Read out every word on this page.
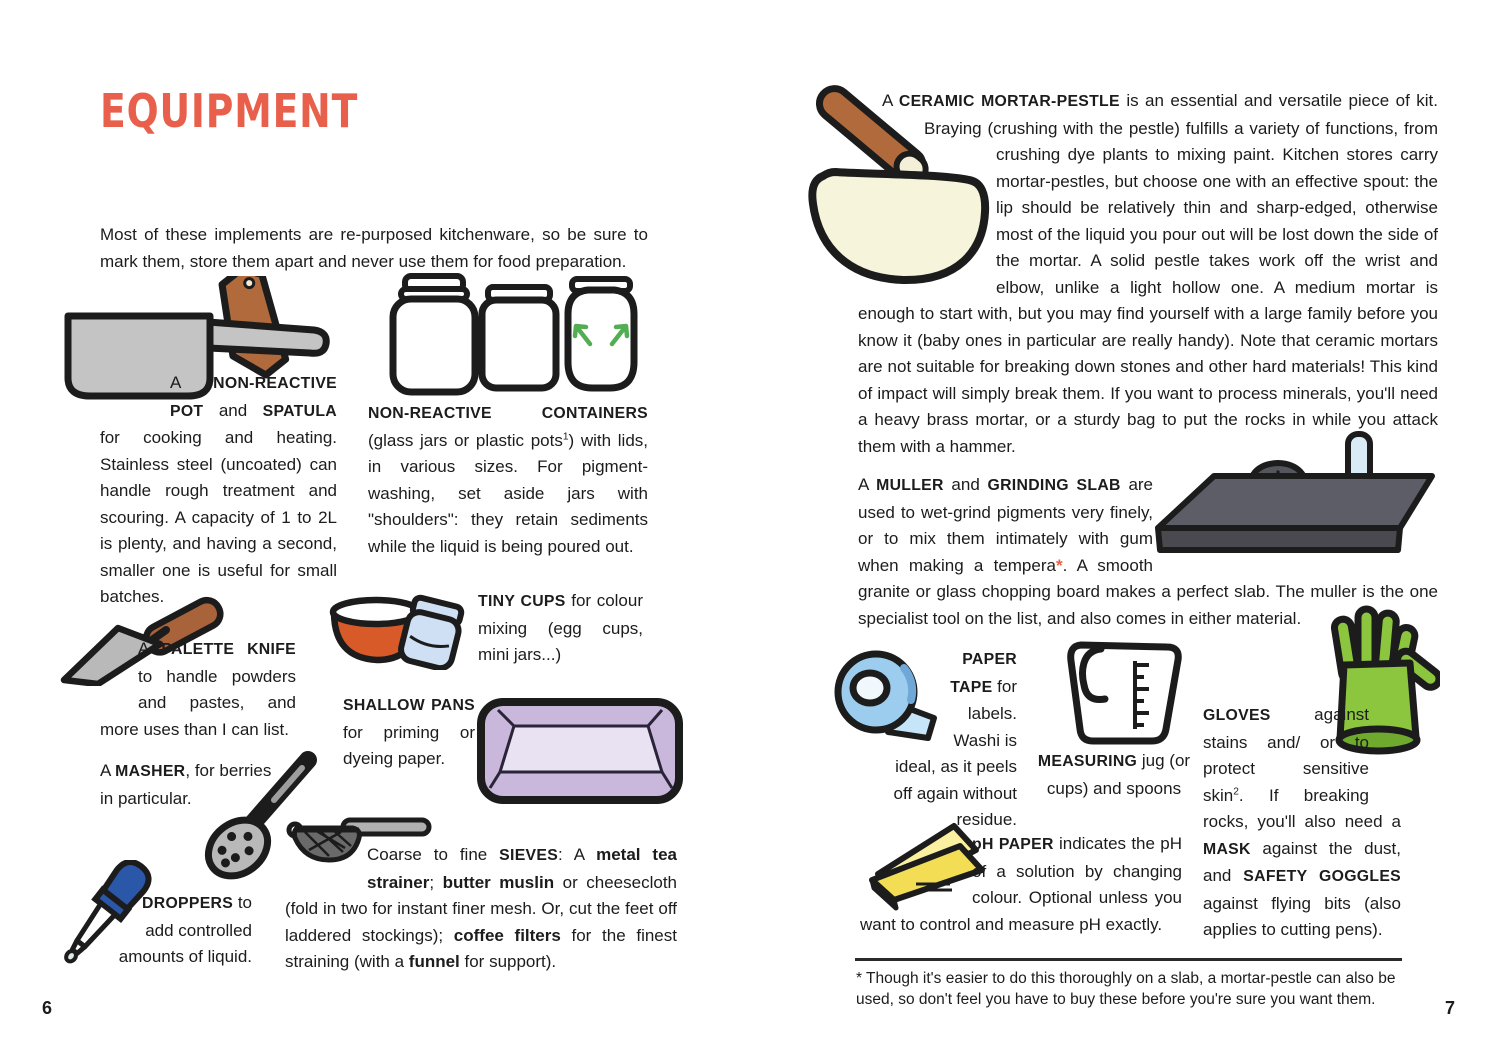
EQUIPMENT
Most of these implements are re-purposed kitchenware, so be sure to mark them, store them apart and never use them for food preparation.
A NON-REACTIVE POT and SPATULA for cooking and heating. Stainless steel (uncoated) can handle rough treatment and scouring. A capacity of 1 to 2L is plenty, and having a second, smaller one is useful for small batches.
NON-REACTIVE CONTAINERS (glass jars or plastic pots$^1$) with lids, in various sizes. For pigment-washing, set aside jars with "shoulders": they retain sediments while the liquid is being poured out.
A PALETTE KNIFE to handle powders and pastes, and more uses than I can list.
TINY CUPS for colour mixing (egg cups, mini jars...)
SHALLOW PANS for priming or dyeing paper.
A MASHER, for berries in particular.
Coarse to fine SIEVES: A metal tea strainer; butter muslin or cheesecloth (fold in two for instant finer mesh. Or, cut the feet off laddered stockings); coffee filters for the finest straining (with a funnel for support).
DROPPERS to add controlled amounts of liquid.
6
A CERAMIC MORTAR-PESTLE is an essential and versatile piece of kit. Braying (crushing with the pestle) fulfills a variety of functions, from crushing dye plants to mixing paint. Kitchen stores carry mortar-pestles, but choose one with an effective spout: the lip should be relatively thin and sharp-edged, otherwise most of the liquid you pour out will be lost down the side of the mortar. A solid pestle takes work off the wrist and elbow, unlike a light hollow one. A medium mortar is enough to start with, but you may find yourself with a large family before you know it (baby ones in particular are really handy). Note that ceramic mortars are not suitable for breaking down stones and other hard materials! This kind of impact will simply break them. If you want to process minerals, you'll need a heavy brass mortar, or a sturdy bag to put the rocks in while you attack them with a hammer.
A MULLER and GRINDING SLAB are used to wet-grind pigments very finely, or to mix them intimately with gum when making a tempera*. A smooth granite or glass chopping board makes a perfect slab. The muller is the one specialist tool on the list, and also comes in either material.
PAPER TAPE for labels. Washi is ideal, as it peels off again without residue.
MEASURING jug (or cups) and spoons
GLOVES against stains and/ or to protect sensitive skin$^2$. If breaking rocks, you'll also need a MASK against the dust, and SAFETY GOGGLES against flying bits (also applies to cutting pens).
pH PAPER indicates the pH of a solution by changing colour. Optional unless you want to control and measure pH exactly.
* Though it's easier to do this thoroughly on a slab, a mortar-pestle can also be used, so don't feel you have to buy these before you're sure you want them.	7
